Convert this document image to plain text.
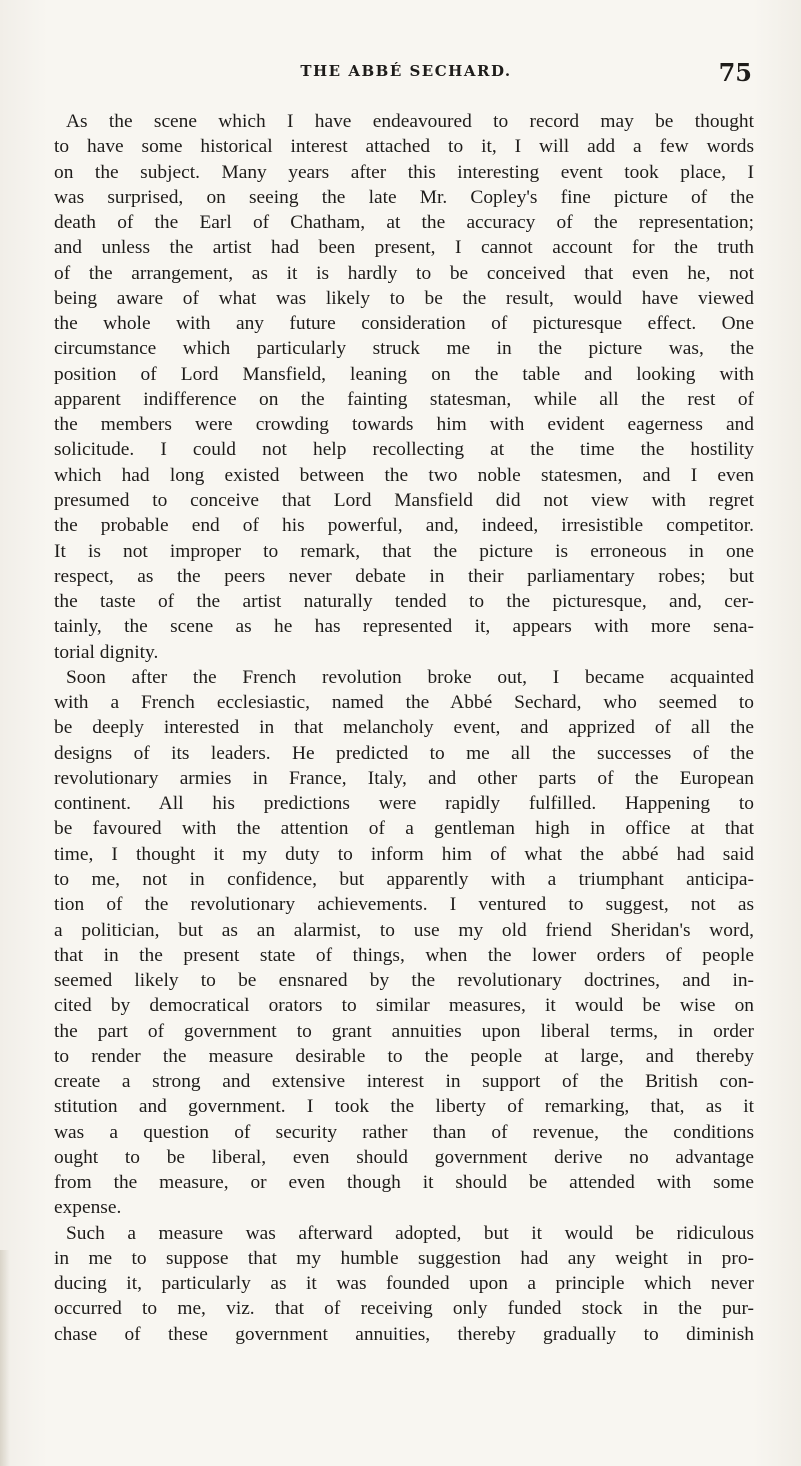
THE ABBÉ SECHARD.	75
As the scene which I have endeavoured to record may be thought
to have some historical interest attached to it, I will add a few words
on the subject. Many years after this interesting event took place, I
was surprised, on seeing the late Mr. Copley's fine picture of the
death of the Earl of Chatham, at the accuracy of the representation;
and unless the artist had been present, I cannot account for the truth
of the arrangement, as it is hardly to be conceived that even he, not
being aware of what was likely to be the result, would have viewed
the whole with any future consideration of picturesque effect. One
circumstance which particularly struck me in the picture was, the
position of Lord Mansfield, leaning on the table and looking with
apparent indifference on the fainting statesman, while all the rest of
the members were crowding towards him with evident eagerness and
solicitude. I could not help recollecting at the time the hostility
which had long existed between the two noble statesmen, and I even
presumed to conceive that Lord Mansfield did not view with regret
the probable end of his powerful, and, indeed, irresistible competitor.
It is not improper to remark, that the picture is erroneous in one
respect, as the peers never debate in their parliamentary robes; but
the taste of the artist naturally tended to the picturesque, and, cer-
tainly, the scene as he has represented it, appears with more sena-
torial dignity.
Soon after the French revolution broke out, I became acquainted
with a French ecclesiastic, named the Abbé Sechard, who seemed to
be deeply interested in that melancholy event, and apprized of all the
designs of its leaders. He predicted to me all the successes of the
revolutionary armies in France, Italy, and other parts of the European
continent. All his predictions were rapidly fulfilled. Happening to
be favoured with the attention of a gentleman high in office at that
time, I thought it my duty to inform him of what the abbé had said
to me, not in confidence, but apparently with a triumphant anticipa-
tion of the revolutionary achievements. I ventured to suggest, not as
a politician, but as an alarmist, to use my old friend Sheridan's word,
that in the present state of things, when the lower orders of people
seemed likely to be ensnared by the revolutionary doctrines, and in-
cited by democratical orators to similar measures, it would be wise on
the part of government to grant annuities upon liberal terms, in order
to render the measure desirable to the people at large, and thereby
create a strong and extensive interest in support of the British con-
stitution and government. I took the liberty of remarking, that, as it
was a question of security rather than of revenue, the conditions
ought to be liberal, even should government derive no advantage
from the measure, or even though it should be attended with some
expense.
Such a measure was afterward adopted, but it would be ridiculous
in me to suppose that my humble suggestion had any weight in pro-
ducing it, particularly as it was founded upon a principle which never
occurred to me, viz. that of receiving only funded stock in the pur-
chase of these government annuities, thereby gradually to diminish
